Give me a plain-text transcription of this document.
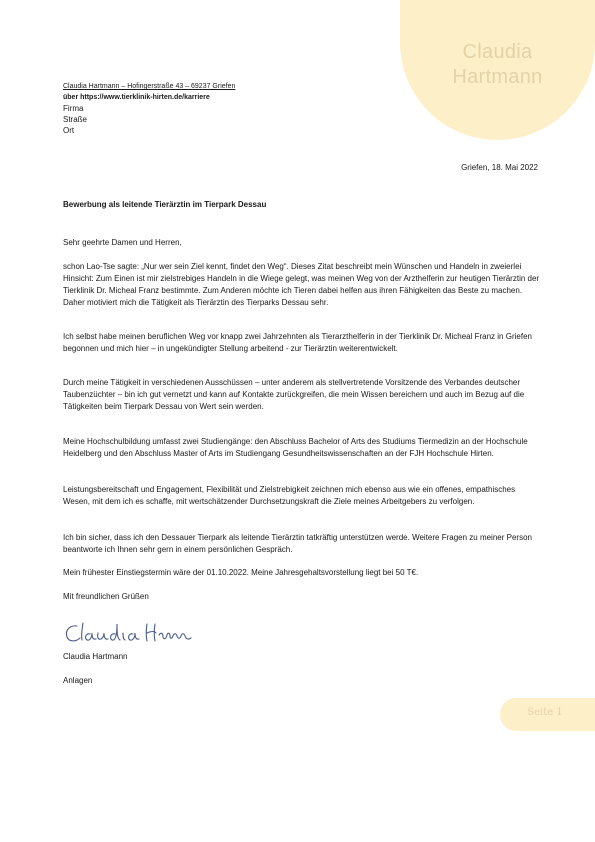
Claudia
Hartmann
Claudia Hartmann – Hofingerstraße 43 – 69237 Griefen
über https://www.tierklinik-hirten.de/karriere
Firma
Straße
Ort
Griefen, 18. Mai 2022
Bewerbung als leitende Tierärztin im Tierpark Dessau
Sehr geehrte Damen und Herren,

schon Lao-Tse sagte: „Nur wer sein Ziel kennt, findet den Weg“. Dieses Zitat beschreibt mein Wünschen und Handeln in zweierlei Hinsicht: Zum Einen ist mir zielstrebiges Handeln in die Wiege gelegt, was meinen Weg von der Arzthelferin zur heutigen Tierärztin der Tierklinik Dr. Micheal Franz bestimmte. Zum Anderen möchte ich Tieren dabei helfen aus ihren Fähigkeiten das Beste zu machen. Daher motiviert mich die Tätigkeit als Tierärztin des Tierparks Dessau sehr.

Ich selbst habe meinen beruflichen Weg vor knapp zwei Jahrzehnten als Tierarzthelferin in der Tierklinik Dr. Micheal Franz in Griefen begonnen und mich hier – in ungekündigter Stellung arbeitend - zur Tierärztin weiterentwickelt.

Durch meine Tätigkeit in verschiedenen Ausschüssen – unter anderem als stellvertretende Vorsitzende des Verbandes deutscher Taubenzüchter – bin ich gut vernetzt und kann auf Kontakte zurückgreifen, die mein Wissen bereichern und auch im Bezug auf die Tätigkeiten beim Tierpark Dessau von Wert sein werden.

Meine Hochschulbildung umfasst zwei Studiengänge: den Abschluss Bachelor of Arts des Studiums Tiermedizin an der Hochschule Heidelberg und den Abschluss Master of Arts im Studiengang Gesundheitswissenschaften an der FJH Hochschule Hirten.

Leistungsbereitschaft und Engagement, Flexibilität und Zielstrebigkeit zeichnen mich ebenso aus wie ein offenes, empathisches Wesen, mit dem ich es schaffe, mit wertschätzender Durchsetzungskraft die Ziele meines Arbeitgebers zu verfolgen.

Ich bin sicher, dass ich den Dessauer Tierpark als leitende Tierärztin tatkräftig unterstützen werde. Weitere Fragen zu meiner Person beantworte ich Ihnen sehr gern in einem persönlichen Gespräch.

Mein frühester Einstiegstermin wäre der 01.10.2022. Meine Jahresgehaltsvorstellung liegt bei 50 T€.

Mit freundlichen Grüßen

Claudia Hartmann
Anlagen
Seite 1
